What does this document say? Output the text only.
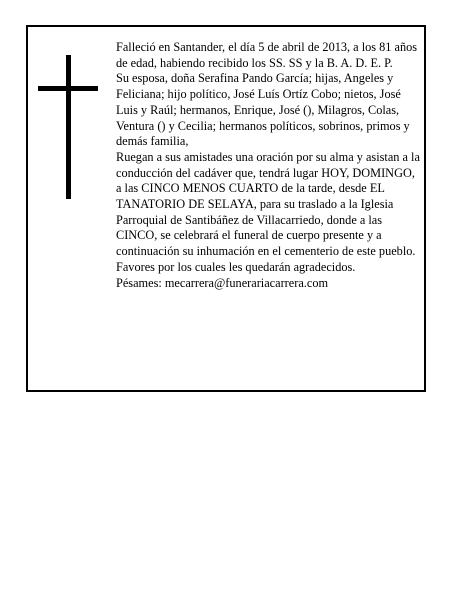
Falleció en Santander, el día 5 de abril de 2013, a los 81 años de edad, habiendo recibido los SS. SS y la B. A. D. E. P.

Su esposa, doña Serafina Pando García; hijas, Angeles y Feliciana; hijo político, José Luís Ortíz Cobo; nietos, José Luis y Raúl; hermanos, Enrique, José (), Milagros, Colas, Ventura () y Cecilia; hermanos políticos, sobrinos, primos y demás familia,

Ruegan a sus amistades una oración por su alma y asistan a la conducción del cadáver que, tendrá lugar HOY, DOMINGO, a las CINCO MENOS CUARTO de la tarde, desde EL TANATORIO DE SELAYA, para su traslado a la Iglesia Parroquial de Santibáñez de Villacarriedo, donde a las CINCO, se celebrará el funeral de cuerpo presente y a continuación su inhumación en el cementerio de este pueblo. Favores por los cuales les quedarán agradecidos.

Pésames: mecarrera@funerariacarrera.com
